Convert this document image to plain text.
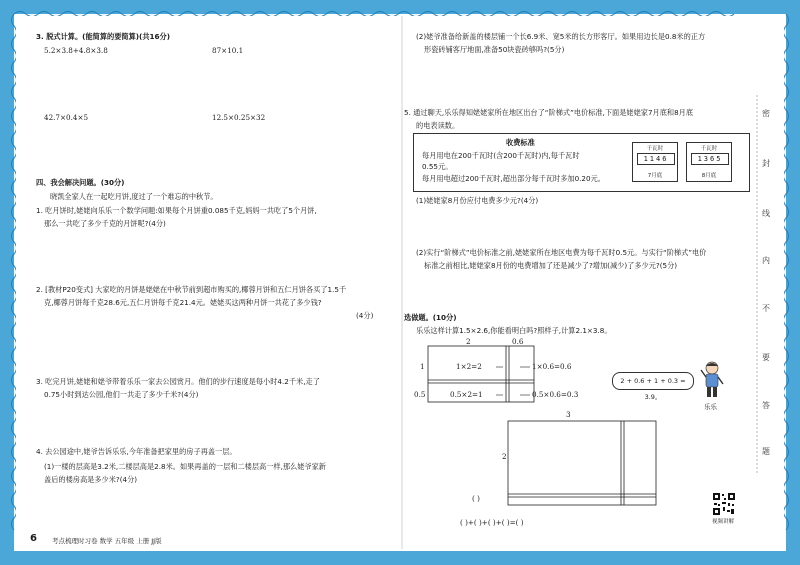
3. 脱式计算。(能简算的要简算)(共16分)
5.2×3.8+4.8×3.8	87×10.1
42.7×0.4×5	12.5×0.25×32
四、我会解决问题。(30分)
晓凯全家人在一起吃月饼,度过了一个难忘的中秋节。
1. 吃月饼时,姥姥向乐乐一个数学问题:如果每个月饼重0.085千克,妈妈一共吃了5个月饼,
那么一共吃了多少千克的月饼呢?(4分)
2. [教材P20变式] 大家吃的月饼是姥姥在中秋节前到超市购买的,椰蓉月饼和五仁月饼各买了1.5千
克,椰蓉月饼每千克28.6元,五仁月饼每千克21.4元。姥姥买这两种月饼一共花了多少钱?
(4分)
3. 吃完月饼,姥姥和姥爷带着乐乐一家去公园赏月。他们的步行速度是每小时4.2千米,走了
0.75小时到达公园,他们一共走了多少千米?(4分)
4. 去公园途中,姥爷告诉乐乐,今年准备把家里的房子再盖一层。
(1)一楼的层高是3.2米,二楼层高是2.8米。如果再盖的一层和二楼层高一样,那么姥爷家新
盖后的楼房高是多少米?(4分)
6 考点梳理时习卷 数学 五年级 上册 JJ版
(2)姥爷准备给新盖的楼层铺一个长6.9米、宽5米的长方形客厅。如果用边长是0.8米的正方
形瓷砖铺客厅地面,准备50块瓷砖够吗?(5分)
5. 通过聊天,乐乐得知姥姥家所在地区出台了“阶梯式”电价标准,下面是姥姥家7月底和8月底
的电表读数。
收费标准
每月用电在200千瓦时(含200千瓦时)内,每千瓦时
0.55元。
每月用电超过200千瓦时,超出部分每千瓦时多加0.20元。
千瓦时
1146
7月底
千瓦时
1365
8月底
(1)姥姥家8月份应付电费多少元?(4分)
(2)实行“阶梯式”电价标准之前,姥姥家所在地区电费为每千瓦时0.5元。与实行“阶梯式”电价
标准之前相比,姥姥家8月份的电费增加了还是减少了?增加(减少)了多少元?(5分)
选做题。(10分)
乐乐这样计算1.5×2.6,你能看明白吗?照样子,计算2.1×3.8。
2	0.6
1
0.5
1×2=2	1×0.6=0.6
0.5×2=1	0.5×0.6=0.3
2 + 0.6 + 1 + 0.3 = 3.9。
乐乐
3
2
( )
( )+( )+( )+( )=( )	视频讲解
密
封
线
内
不
要
答
题
